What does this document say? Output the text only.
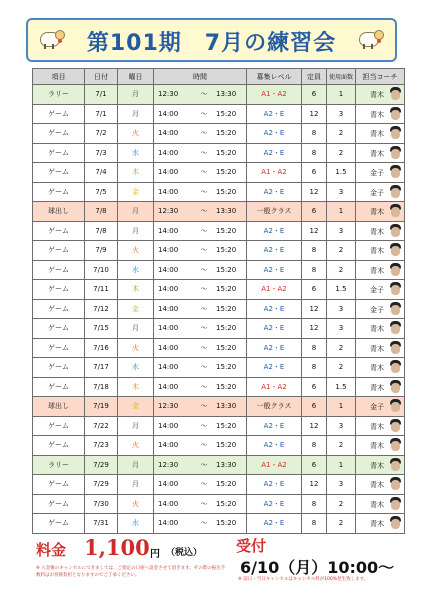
第101期　7月の練習会
項目	日付	曜日	時間	募集レベル	定員	使用面数	担当コーチ
ラリー	7/1	月	12:30 ～ 13:30	A1・A2	6	1	青木

ゲーム	7/1	月	14:00 ～ 15:20	A2・E	12	3	青木

ゲーム	7/2	火	14:00 ～ 15:20	A2・E	8	2	青木

ゲーム	7/3	水	14:00 ～ 15:20	A2・E	8	2	青木

ゲーム	7/4	木	14:00 ～ 15:20	A1・A2	6	1.5	金子

ゲーム	7/5	金	14:00 ～ 15:20	A2・E	12	3	金子

球出し	7/8	月	12:30 ～ 13:30	一般クラス	6	1	青木

ゲーム	7/8	月	14:00 ～ 15:20	A2・E	12	3	青木

ゲーム	7/9	火	14:00 ～ 15:20	A2・E	8	2	青木

ゲーム	7/10	水	14:00 ～ 15:20	A2・E	8	2	青木

ゲーム	7/11	木	14:00 ～ 15:20	A1・A2	6	1.5	金子

ゲーム	7/12	金	14:00 ～ 15:20	A2・E	12	3	金子

ゲーム	7/15	月	14:00 ～ 15:20	A2・E	12	3	青木

ゲーム	7/16	火	14:00 ～ 15:20	A2・E	8	2	青木

ゲーム	7/17	水	14:00 ～ 15:20	A2・E	8	2	青木

ゲーム	7/18	木	14:00 ～ 15:20	A1・A2	6	1.5	青木

球出し	7/19	金	12:30 ～ 13:30	一般クラス	6	1	金子

ゲーム	7/22	月	14:00 ～ 15:20	A2・E	12	3	青木

ゲーム	7/23	火	14:00 ～ 15:20	A2・E	8	2	青木

ラリー	7/29	月	12:30 ～ 13:30	A1・A2	6	1	青木

ゲーム	7/29	月	14:00 ～ 15:20	A2・E	12	3	青木

ゲーム	7/30	火	14:00 ～ 15:20	A2・E	8	2	青木

ゲーム	7/31	水	14:00 ～ 15:20	A2・E	8	2	青木
料金 1,100 円 （税込）
※ 入金後のキャンセルにつきましては、ご指定の口座へ返金させて頂きます。その際の振込手数料はお客様負担となりますのでご了承ください。
受付
6/10（月）10:00～
※ 前日・当日キャンセルはキャンセル料が100%発生致します。
